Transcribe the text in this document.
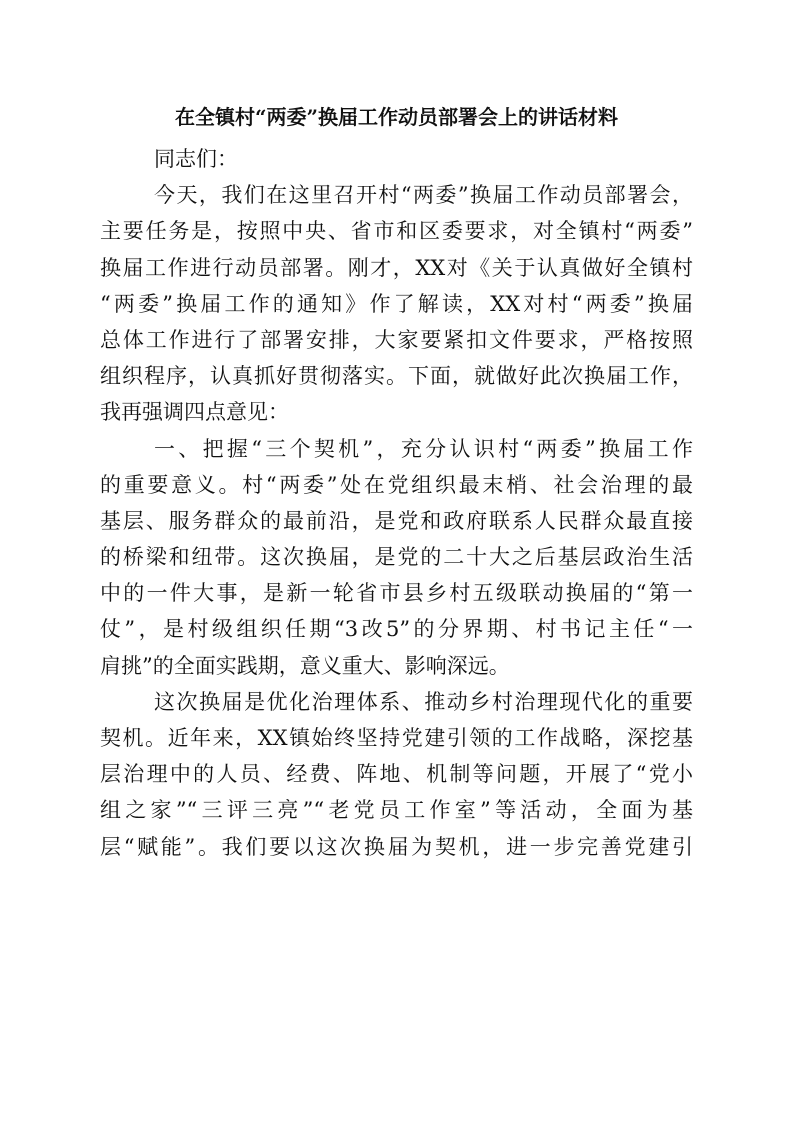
在全镇村“两委”换届工作动员部署会上的讲话材料
同志们：
今天，我们在这里召开村“两委”换届工作动员部署会，
主要任务是，按照中央、省市和区委要求，对全镇村“两委”
换届工作进行动员部署。刚才，XX对《关于认真做好全镇村
“两委”换届工作的通知》作了解读，XX对村“两委”换届
总体工作进行了部署安排，大家要紧扣文件要求，严格按照
组织程序，认真抓好贯彻落实。下面，就做好此次换届工作，
我再强调四点意见：
一、把握“三个契机”，充分认识村“两委”换届工作
的重要意义。村“两委”处在党组织最末梢、社会治理的最
基层、服务群众的最前沿，是党和政府联系人民群众最直接
的桥梁和纽带。这次换届，是党的二十大之后基层政治生活
中的一件大事，是新一轮省市县乡村五级联动换届的“第一
仗”，是村级组织任期“3改5”的分界期、村书记主任“一
肩挑”的全面实践期，意义重大、影响深远。
这次换届是优化治理体系、推动乡村治理现代化的重要
契机。近年来，XX镇始终坚持党建引领的工作战略，深挖基
层治理中的人员、经费、阵地、机制等问题，开展了“党小
组之家”“三评三亮”“老党员工作室”等活动，全面为基
层“赋能”。我们要以这次换届为契机，进一步完善党建引
